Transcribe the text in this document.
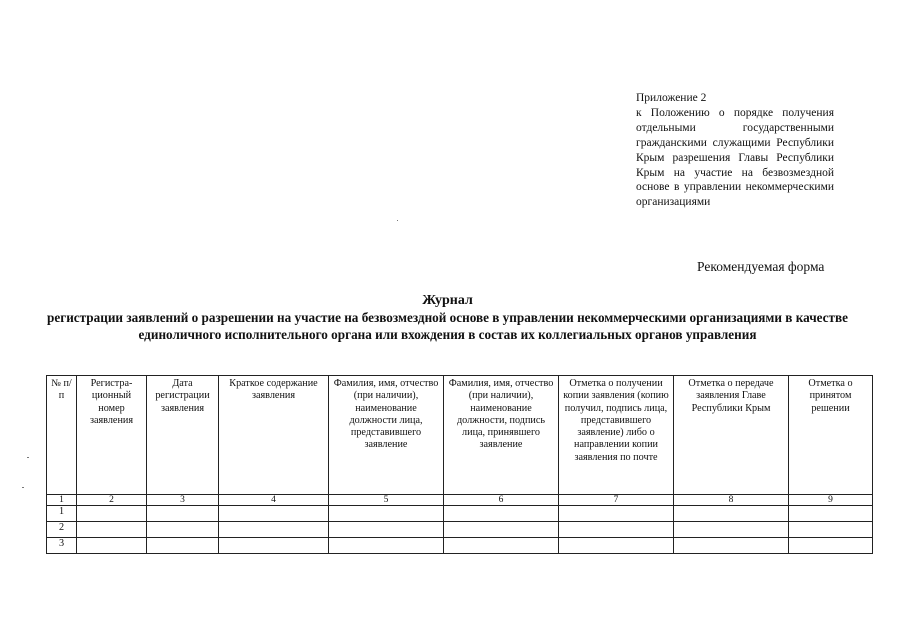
Приложение 2
к Положению о порядке получения отдельными государственными гражданскими служащими Республики Крым разрешения Главы Республики Крым на участие на безвозмездной основе в управлении некоммерческими организациями
Рекомендуемая форма
Журнал
регистрации заявлений о разрешении на участие на безвозмездной основе в управлении некоммерческими организациями в качестве единоличного исполнительного органа или вхождения в состав их коллегиальных органов управления
№ п/п	Регистра-ционный номер заявления	Дата регистрации заявления	Краткое содержание заявления	Фамилия, имя, отчество (при наличии), наименование должности лица, представившего заявление	Фамилия, имя, отчество (при наличии), наименование должности, подпись лица, принявшего заявление	Отметка о получении копии заявления (копию получил, подпись лица, представившего заявление) либо о направлении копии заявления по почте	Отметка о передаче заявления Главе Республики Крым	Отметка о принятом решении
1	2	3	4	5	6	7	8	9
1								
2								
3								
